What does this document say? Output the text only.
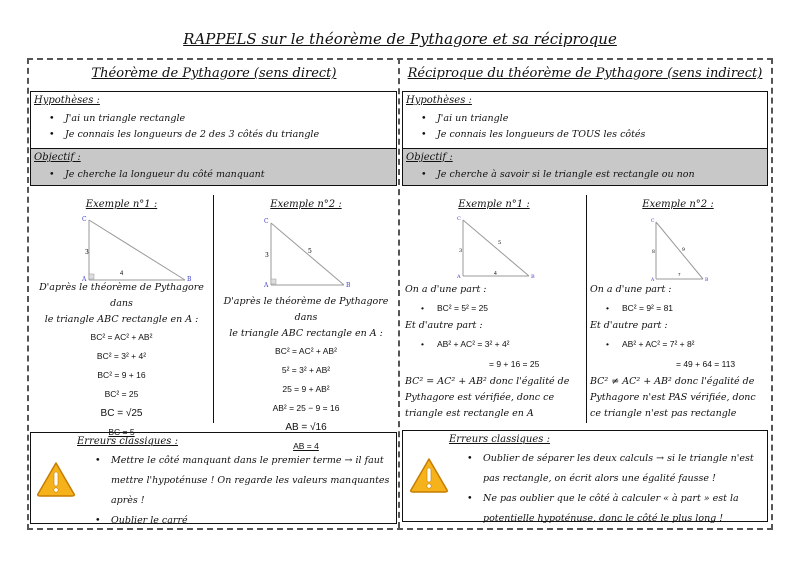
RAPPELS sur le théorème de Pythagore et sa réciproque
Théorème de Pythagore (sens direct)
Hypothèses :
• J'ai un triangle rectangle
• Je connais les longueurs de 2 des 3 côtés du triangle
Objectif :
• Je cherche la longueur du côté manquant
Exemple n°1 :
C
A	B
3
4
D'après le théorème de Pythagore dans
le triangle ABC rectangle en A :
BC² = AC² + AB²
BC² = 3² + 4²
BC² = 9 + 16
BC² = 25
BC = √25
BC = 5
Exemple n°2 :
C
A	B
3
5
D'après le théorème de Pythagore dans
le triangle ABC rectangle en A :
BC² = AC² + AB²
5² = 3² + AB²
25 = 9 + AB²
AB² = 25 − 9 = 16
AB = √16
AB = 4
Erreurs classiques :
• Mettre le côté manquant dans le premier terme → il faut mettre l'hypoténuse ! On regarde les valeurs manquantes après !
• Oublier le carré
Réciproque du théorème de Pythagore (sens indirect)
Hypothèses :
• J'ai un triangle
• Je connais les longueurs de TOUS les côtés
Objectif :
• Je cherche à savoir si le triangle est rectangle ou non
Exemple n°1 :
C
A	B
3
5
4
On a d'une part :
• BC² = 5² = 25
Et d'autre part :
• AB² + AC² = 3² + 4²
= 9 + 16 = 25
BC² = AC² + AB² donc l'égalité de Pythagore est vérifiée, donc ce triangle est rectangle en A
Exemple n°2 :
C
A	B
8	9
7
On a d'une part :
• BC² = 9² = 81
Et d'autre part :
• AB² + AC² = 7² + 8²
= 49 + 64 = 113
BC² ≠ AC² + AB² donc l'égalité de Pythagore n'est PAS vérifiée, donc ce triangle n'est pas rectangle
Erreurs classiques :
• Oublier de séparer les deux calculs → si le triangle n'est pas rectangle, on écrit alors une égalité fausse !
• Ne pas oublier que le côté à calculer « à part » est la potentielle hypoténuse, donc le côté le plus long !
